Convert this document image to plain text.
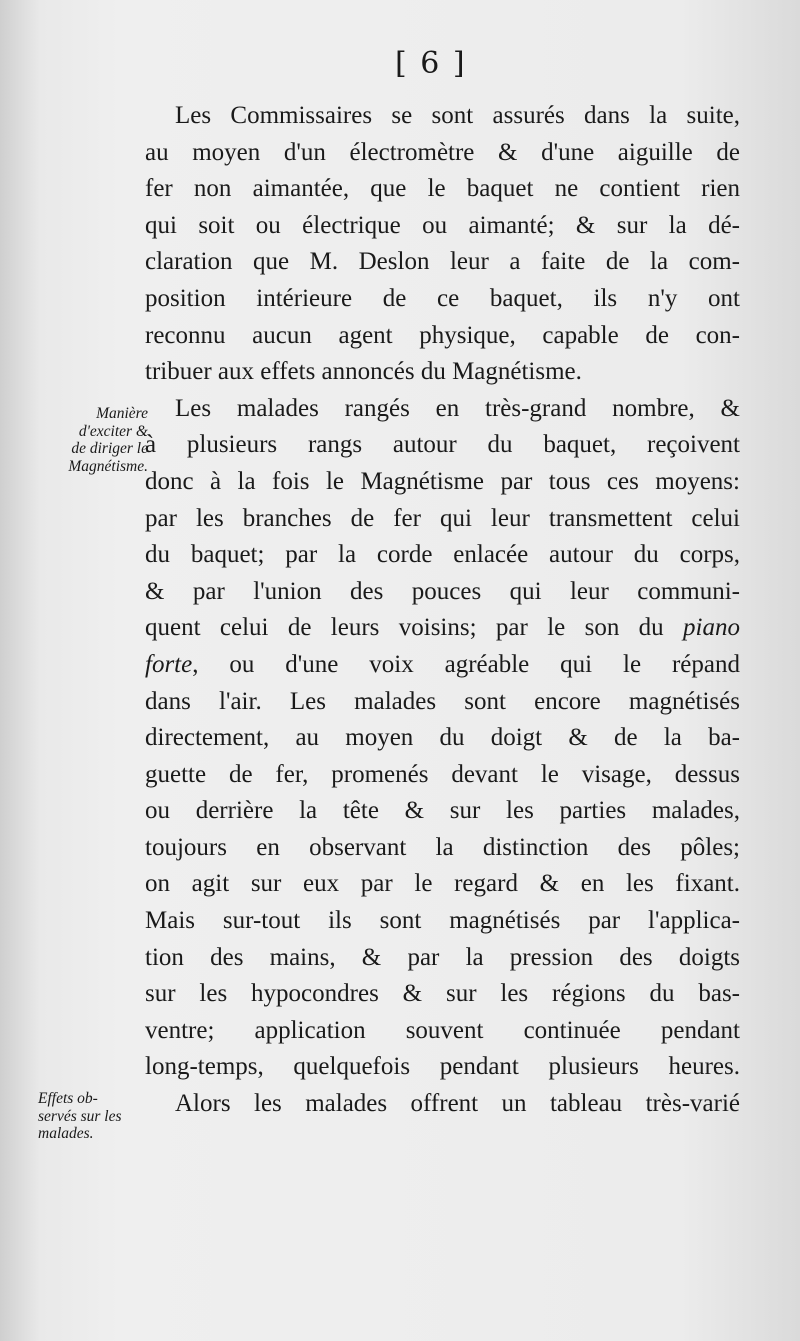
[ 6 ]
Manière
d'exciter &
de diriger le
Magnétisme.
Effets ob-
servés sur les
malades.
Les Commissaires se sont assurés dans la suite,
au moyen d'un électromètre & d'une aiguille de
fer non aimantée, que le baquet ne contient rien
qui soit ou électrique ou aimanté; & sur la dé-
claration que M. Deslon leur a faite de la com-
position intérieure de ce baquet, ils n'y ont
reconnu aucun agent physique, capable de con-
tribuer aux effets annoncés du Magnétisme.
Les malades rangés en très-grand nombre, &
à plusieurs rangs autour du baquet, reçoivent
donc à la fois le Magnétisme par tous ces moyens:
par les branches de fer qui leur transmettent celui
du baquet; par la corde enlacée autour du corps,
& par l'union des pouces qui leur communi-
quent celui de leurs voisins; par le son du piano
forte, ou d'une voix agréable qui le répand
dans l'air. Les malades sont encore magnétisés
directement, au moyen du doigt & de la ba-
guette de fer, promenés devant le visage, dessus
ou derrière la tête & sur les parties malades,
toujours en observant la distinction des pôles;
on agit sur eux par le regard & en les fixant.
Mais sur-tout ils sont magnétisés par l'applica-
tion des mains, & par la pression des doigts
sur les hypocondres & sur les régions du bas-
ventre; application souvent continuée pendant
long-temps, quelquefois pendant plusieurs heures.
Alors les malades offrent un tableau très-varié
